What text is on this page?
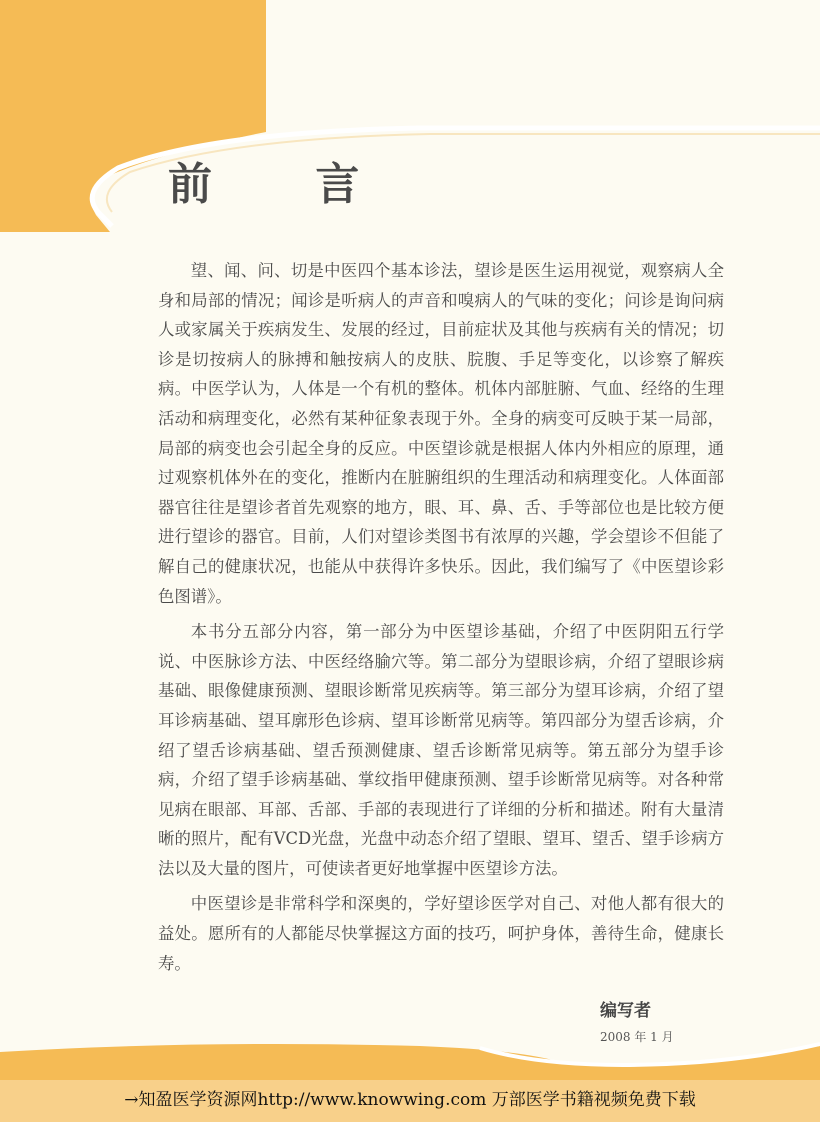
前 言

望、闻、问、切是中医四个基本诊法，望诊是医生运用视觉，观察病人全身和局部的情况；闻诊是听病人的声音和嗅病人的气味的变化；问诊是询问病人或家属关于疾病发生、发展的经过，目前症状及其他与疾病有关的情况；切诊是切按病人的脉搏和触按病人的皮肤、脘腹、手足等变化，以诊察了解疾病。中医学认为，人体是一个有机的整体。机体内部脏腑、气血、经络的生理活动和病理变化，必然有某种征象表现于外。全身的病变可反映于某一局部，局部的病变也会引起全身的反应。中医望诊就是根据人体内外相应的原理，通过观察机体外在的变化，推断内在脏腑组织的生理活动和病理变化。人体面部器官往往是望诊者首先观察的地方，眼、耳、鼻、舌、手等部位也是比较方便进行望诊的器官。目前，人们对望诊类图书有浓厚的兴趣，学会望诊不但能了解自己的健康状况，也能从中获得许多快乐。因此，我们编写了《中医望诊彩色图谱》。

本书分五部分内容，第一部分为中医望诊基础，介绍了中医阴阳五行学说、中医脉诊方法、中医经络腧穴等。第二部分为望眼诊病，介绍了望眼诊病基础、眼像健康预测、望眼诊断常见疾病等。第三部分为望耳诊病，介绍了望耳诊病基础、望耳廓形色诊病、望耳诊断常见病等。第四部分为望舌诊病，介绍了望舌诊病基础、望舌预测健康、望舌诊断常见病等。第五部分为望手诊病，介绍了望手诊病基础、掌纹指甲健康预测、望手诊断常见病等。对各种常见病在眼部、耳部、舌部、手部的表现进行了详细的分析和描述。附有大量清晰的照片，配有VCD光盘，光盘中动态介绍了望眼、望耳、望舌、望手诊病方法以及大量的图片，可使读者更好地掌握中医望诊方法。

中医望诊是非常科学和深奥的，学好望诊医学对自己、对他人都有很大的益处。愿所有的人都能尽快掌握这方面的技巧，呵护身体，善待生命，健康长寿。

编写者
2008 年 1 月
→知盈医学资源网http://www.knowwing.com 万部医学书籍视频免费下载
